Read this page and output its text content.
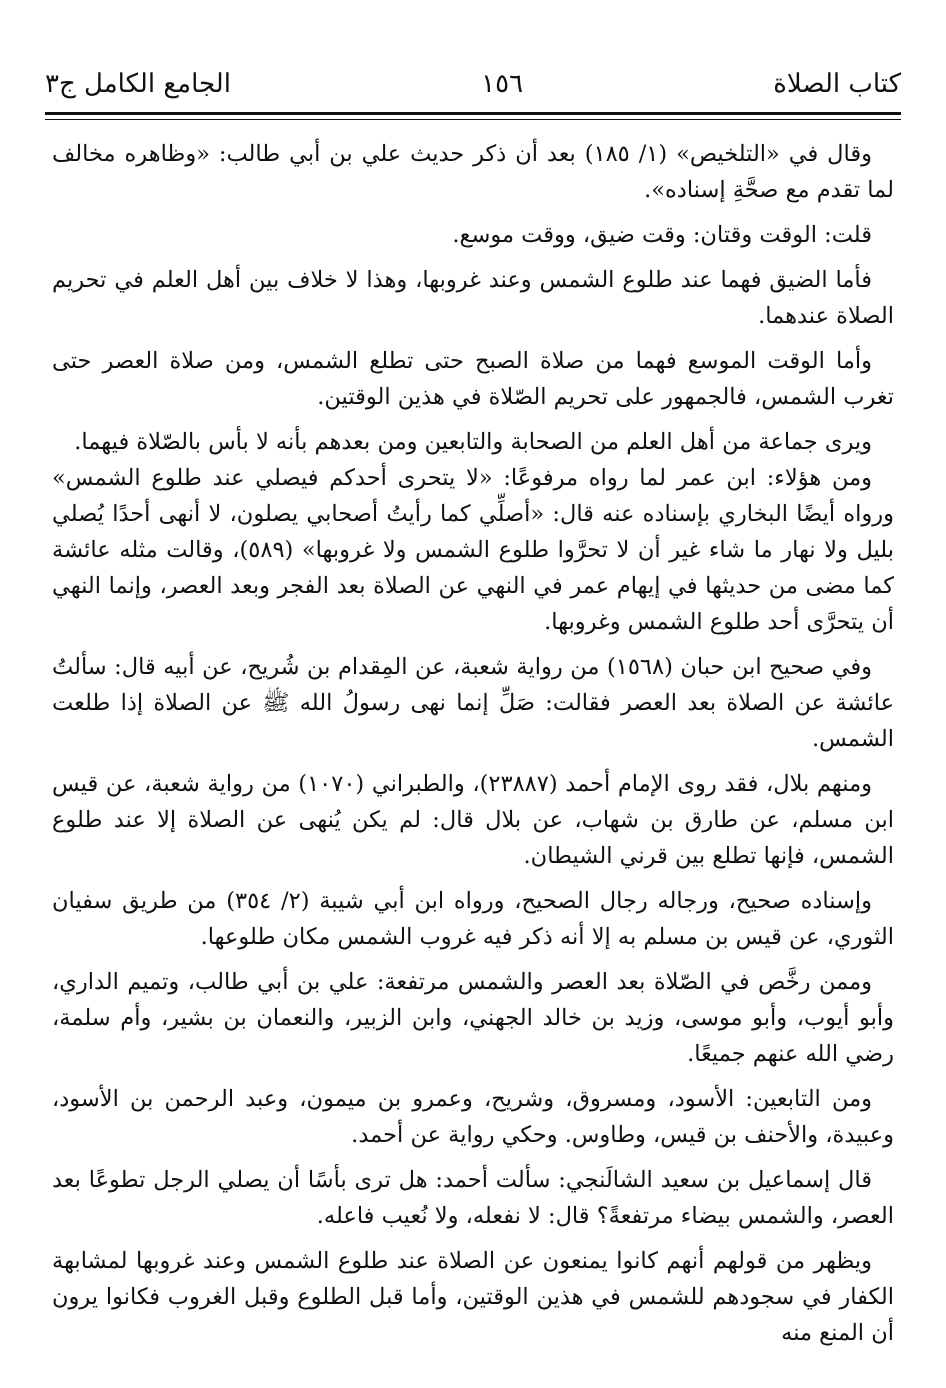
كتاب الصلاة
١٥٦
الجامع الكامل ج٣

وقال في «التلخيص» (١/ ١٨٥) بعد أن ذكر حديث علي بن أبي طالب: «وظاهره مخالف لما تقدم مع صحَّةِ إسناده».

قلت: الوقت وقتان: وقت ضيق، ووقت موسع.

فأما الضيق فهما عند طلوع الشمس وعند غروبها، وهذا لا خلاف بين أهل العلم في تحريم الصلاة عندهما.

وأما الوقت الموسع فهما من صلاة الصبح حتى تطلع الشمس، ومن صلاة العصر حتى تغرب الشمس، فالجمهور على تحريم الصّلاة في هذين الوقتين.

ويرى جماعة من أهل العلم من الصحابة والتابعين ومن بعدهم بأنه لا بأس بالصّلاة فيهما.

ومن هؤلاء: ابن عمر لما رواه مرفوعًا: «لا يتحرى أحدكم فيصلي عند طلوع الشمس» ورواه أيضًا البخاري بإسناده عنه قال: «أصلِّي كما رأيتُ أصحابي يصلون، لا أنهى أحدًا يُصلي بليل ولا نهار ما شاء غير أن لا تحرَّوا طلوع الشمس ولا غروبها» (٥٨٩)، وقالت مثله عائشة كما مضى من حديثها في إيهام عمر في النهي عن الصلاة بعد الفجر وبعد العصر، وإنما النهي أن يتحرَّى أحد طلوع الشمس وغروبها.

وفي صحيح ابن حبان (١٥٦٨) من رواية شعبة، عن المِقدام بن شُريح، عن أبيه قال: سألتُ عائشة عن الصلاة بعد العصر فقالت: صَلِّ إنما نهى رسولُ الله ﷺ عن الصلاة إذا طلعت الشمس.

ومنهم بلال، فقد روى الإمام أحمد (٢٣٨٨٧)، والطبراني (١٠٧٠) من رواية شعبة، عن قيس ابن مسلم، عن طارق بن شهاب، عن بلال قال: لم يكن يُنهى عن الصلاة إلا عند طلوع الشمس، فإنها تطلع بين قرني الشيطان.

وإسناده صحيح، ورجاله رجال الصحيح، ورواه ابن أبي شيبة (٢/ ٣٥٤) من طريق سفيان الثوري، عن قيس بن مسلم به إلا أنه ذكر فيه غروب الشمس مكان طلوعها.

وممن رخَّص في الصّلاة بعد العصر والشمس مرتفعة: علي بن أبي طالب، وتميم الداري، وأبو أيوب، وأبو موسى، وزيد بن خالد الجهني، وابن الزبير، والنعمان بن بشير، وأم سلمة، رضي الله عنهم جميعًا.

ومن التابعين: الأسود، ومسروق، وشريح، وعمرو بن ميمون، وعبد الرحمن بن الأسود، وعبيدة، والأحنف بن قيس، وطاوس. وحكي رواية عن أحمد.

قال إسماعيل بن سعيد الشالَنجي: سألت أحمد: هل ترى بأسًا أن يصلي الرجل تطوعًا بعد العصر، والشمس بيضاء مرتفعةً؟ قال: لا نفعله، ولا نُعيب فاعله.

ويظهر من قولهم أنهم كانوا يمنعون عن الصلاة عند طلوع الشمس وعند غروبها لمشابهة الكفار في سجودهم للشمس في هذين الوقتين، وأما قبل الطلوع وقبل الغروب فكانوا يرون أن المنع منه
